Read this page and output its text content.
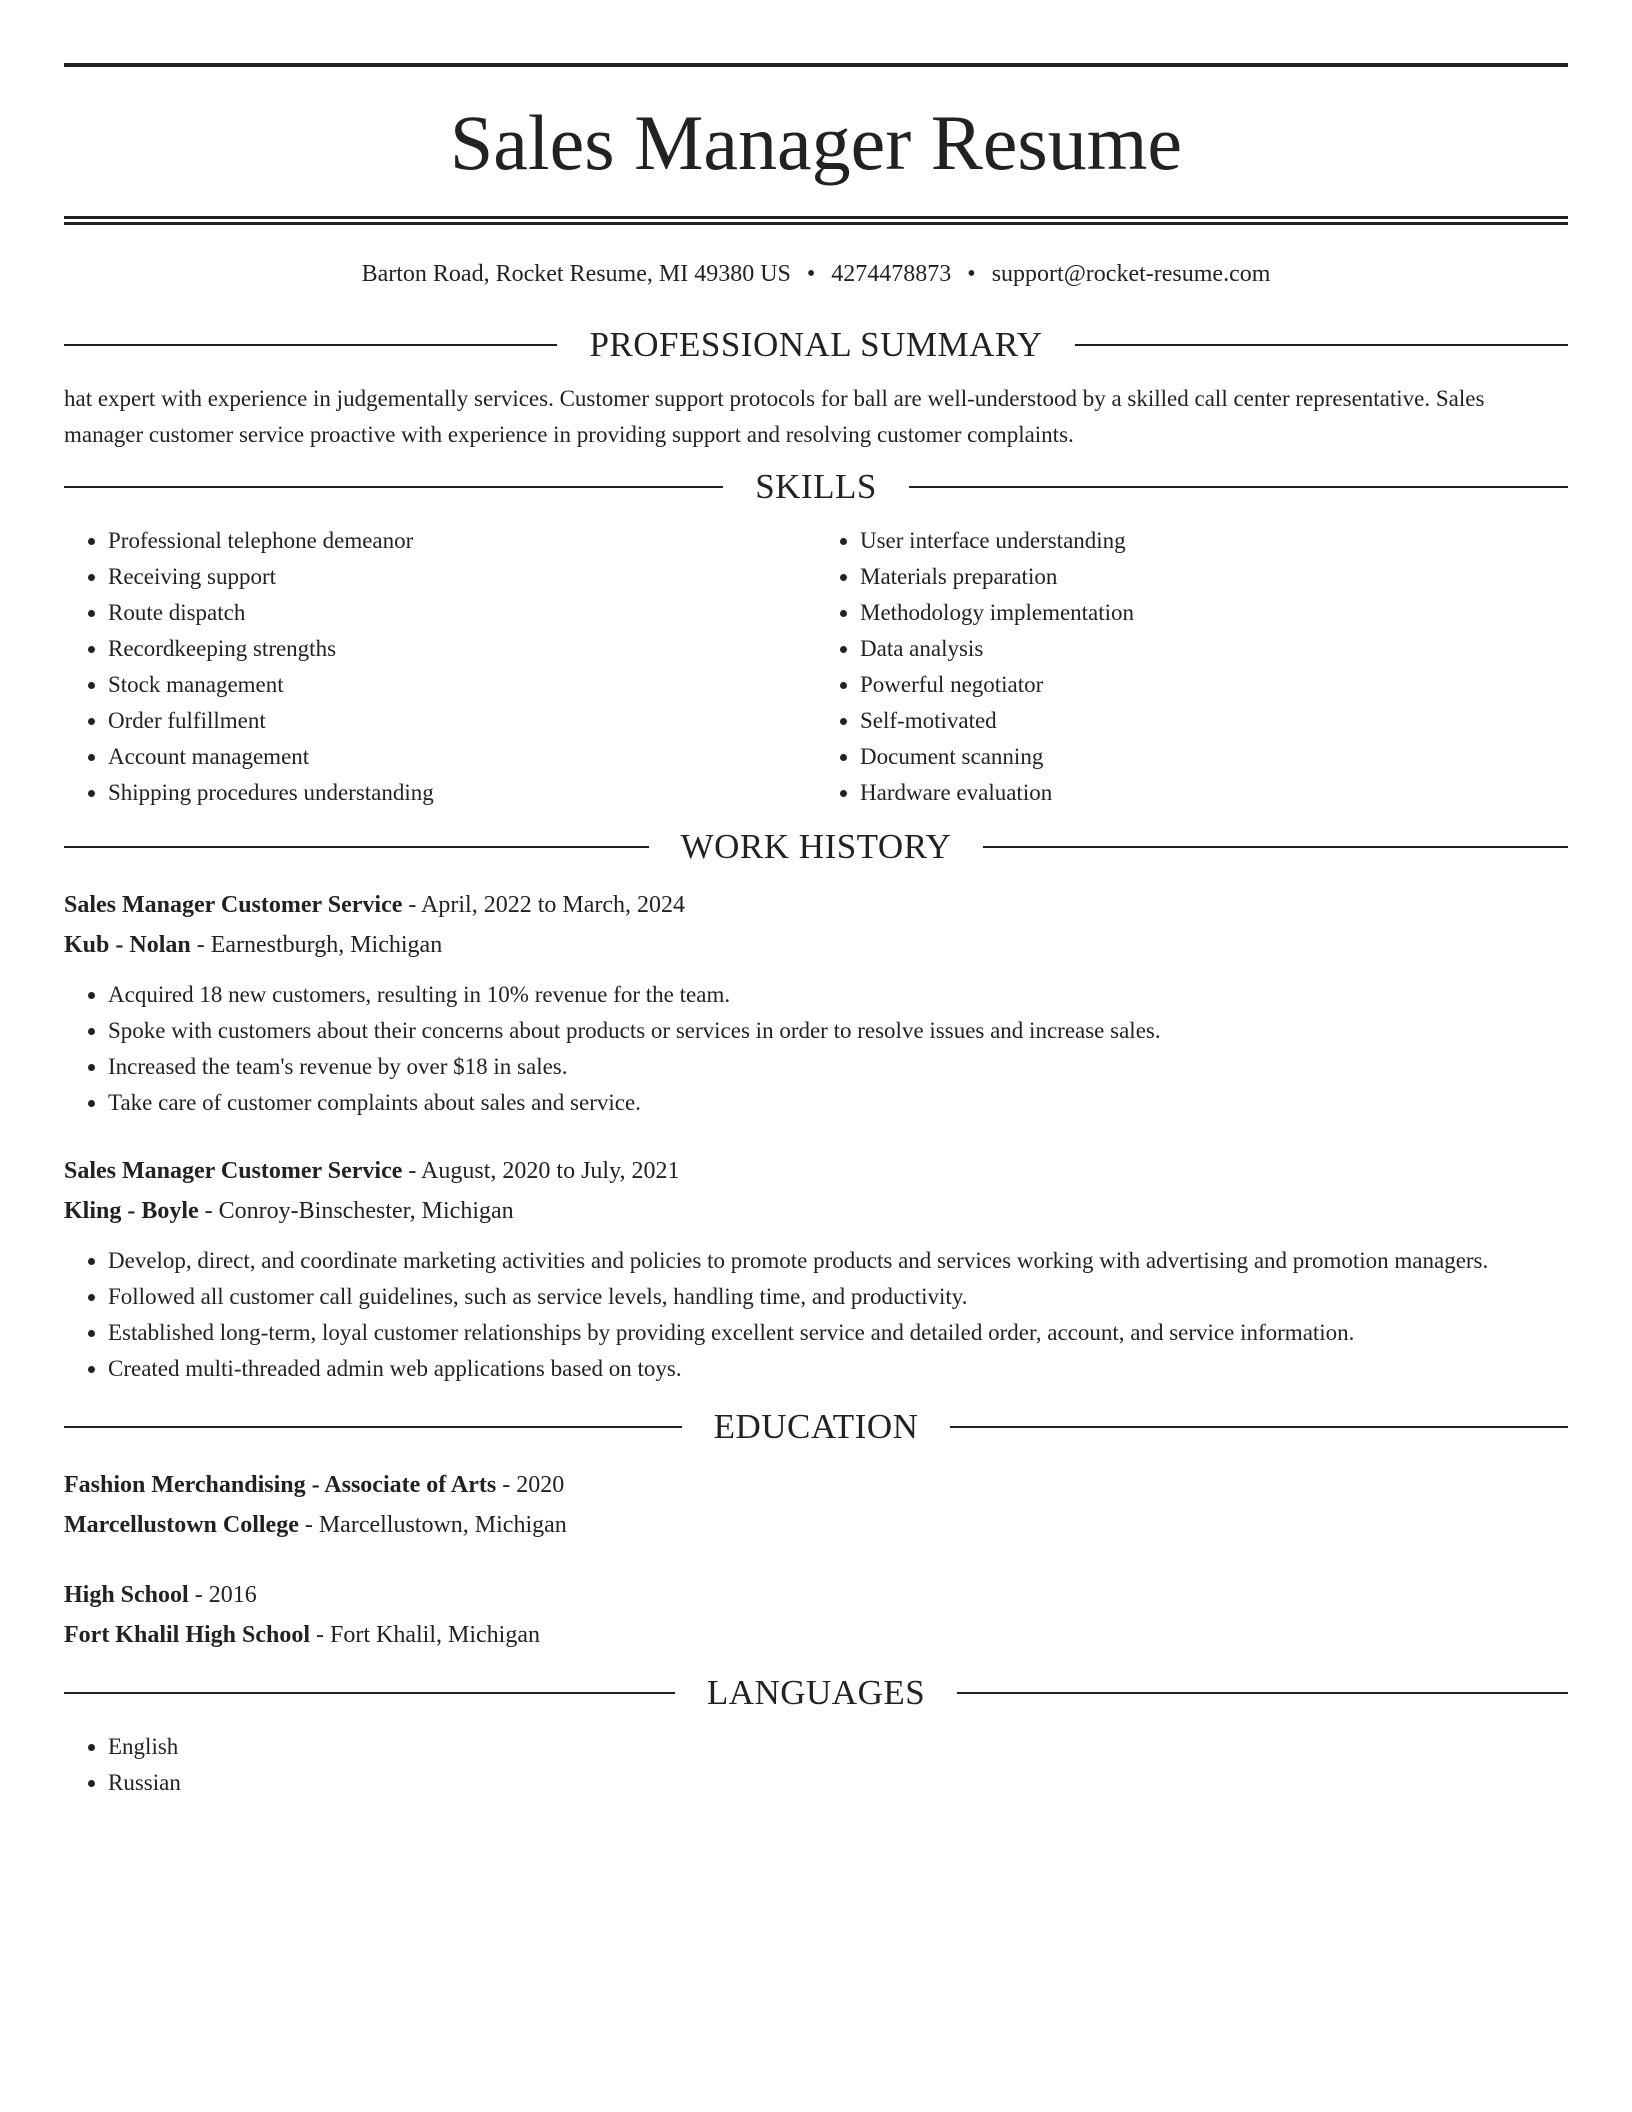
Sales Manager Resume
Barton Road, Rocket Resume, MI 49380 US • 4274478873 • support@rocket-resume.com
PROFESSIONAL SUMMARY

hat expert with experience in judgementally services. Customer support protocols for ball are well-understood by a skilled call center representative. Sales manager customer service proactive with experience in providing support and resolving customer complaints.

SKILLS
• Professional telephone demeanor
• Receiving support
• Route dispatch
• Recordkeeping strengths
• Stock management
• Order fulfillment
• Account management
• Shipping procedures understanding
• User interface understanding
• Materials preparation
• Methodology implementation
• Data analysis
• Powerful negotiator
• Self-motivated
• Document scanning
• Hardware evaluation
WORK HISTORY
Sales Manager Customer Service - April, 2022 to March, 2024
Kub - Nolan - Earnestburgh, Michigan
• Acquired 18 new customers, resulting in 10% revenue for the team.
• Spoke with customers about their concerns about products or services in order to resolve issues and increase sales.
• Increased the team's revenue by over $18 in sales.
• Take care of customer complaints about sales and service.
Sales Manager Customer Service - August, 2020 to July, 2021
Kling - Boyle - Conroy-Binschester, Michigan
• Develop, direct, and coordinate marketing activities and policies to promote products and services working with advertising and promotion managers.
• Followed all customer call guidelines, such as service levels, handling time, and productivity.
• Established long-term, loyal customer relationships by providing excellent service and detailed order, account, and service information.
• Created multi-threaded admin web applications based on toys.
EDUCATION
Fashion Merchandising - Associate of Arts - 2020
Marcellustown College - Marcellustown, Michigan
High School - 2016
Fort Khalil High School - Fort Khalil, Michigan
LANGUAGES
• English
• Russian
